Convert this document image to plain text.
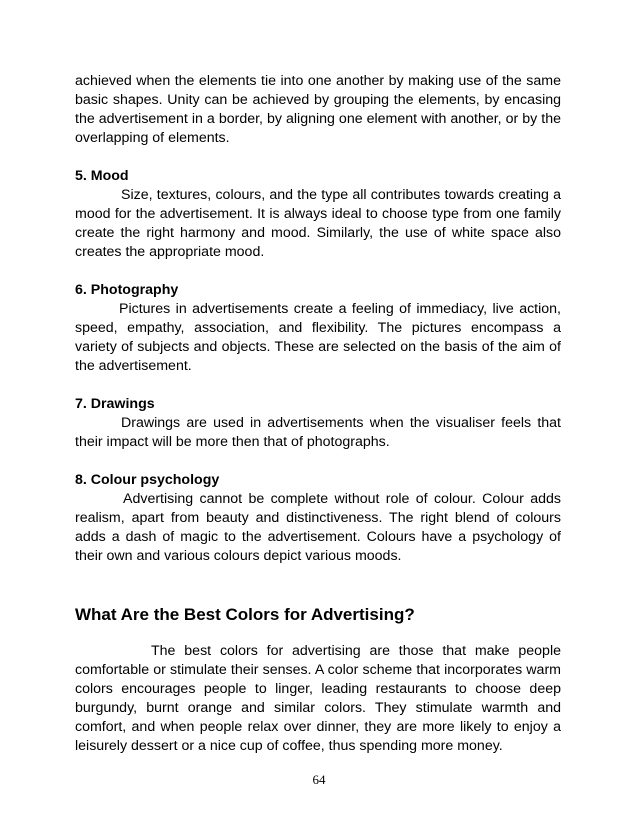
achieved when the elements tie into one another by making use of the same basic shapes. Unity can be achieved by grouping the elements, by encasing the advertisement in a border, by aligning one element with another, or by the overlapping of elements.

5. Mood

Size, textures, colours, and the type all contributes towards creating a mood for the advertisement. It is always ideal to choose type from one family create the right harmony and mood. Similarly, the use of white space also creates the appropriate mood.

6. Photography

Pictures in advertisements create a feeling of immediacy, live action, speed, empathy, association, and flexibility. The pictures encompass a variety of subjects and objects. These are selected on the basis of the aim of the advertisement.

7. Drawings

Drawings are used in advertisements when the visualiser feels that their impact will be more then that of photographs.

8. Colour psychology

Advertising cannot be complete without role of colour. Colour adds realism, apart from beauty and distinctiveness. The right blend of colours adds a dash of magic to the advertisement. Colours have a psychology of their own and various colours depict various moods.

What Are the Best Colors for Advertising?

The best colors for advertising are those that make people comfortable or stimulate their senses. A color scheme that incorporates warm colors encourages people to linger, leading restaurants to choose deep burgundy, burnt orange and similar colors. They stimulate warmth and comfort, and when people relax over dinner, they are more likely to enjoy a leisurely dessert or a nice cup of coffee, thus spending more money.

64
